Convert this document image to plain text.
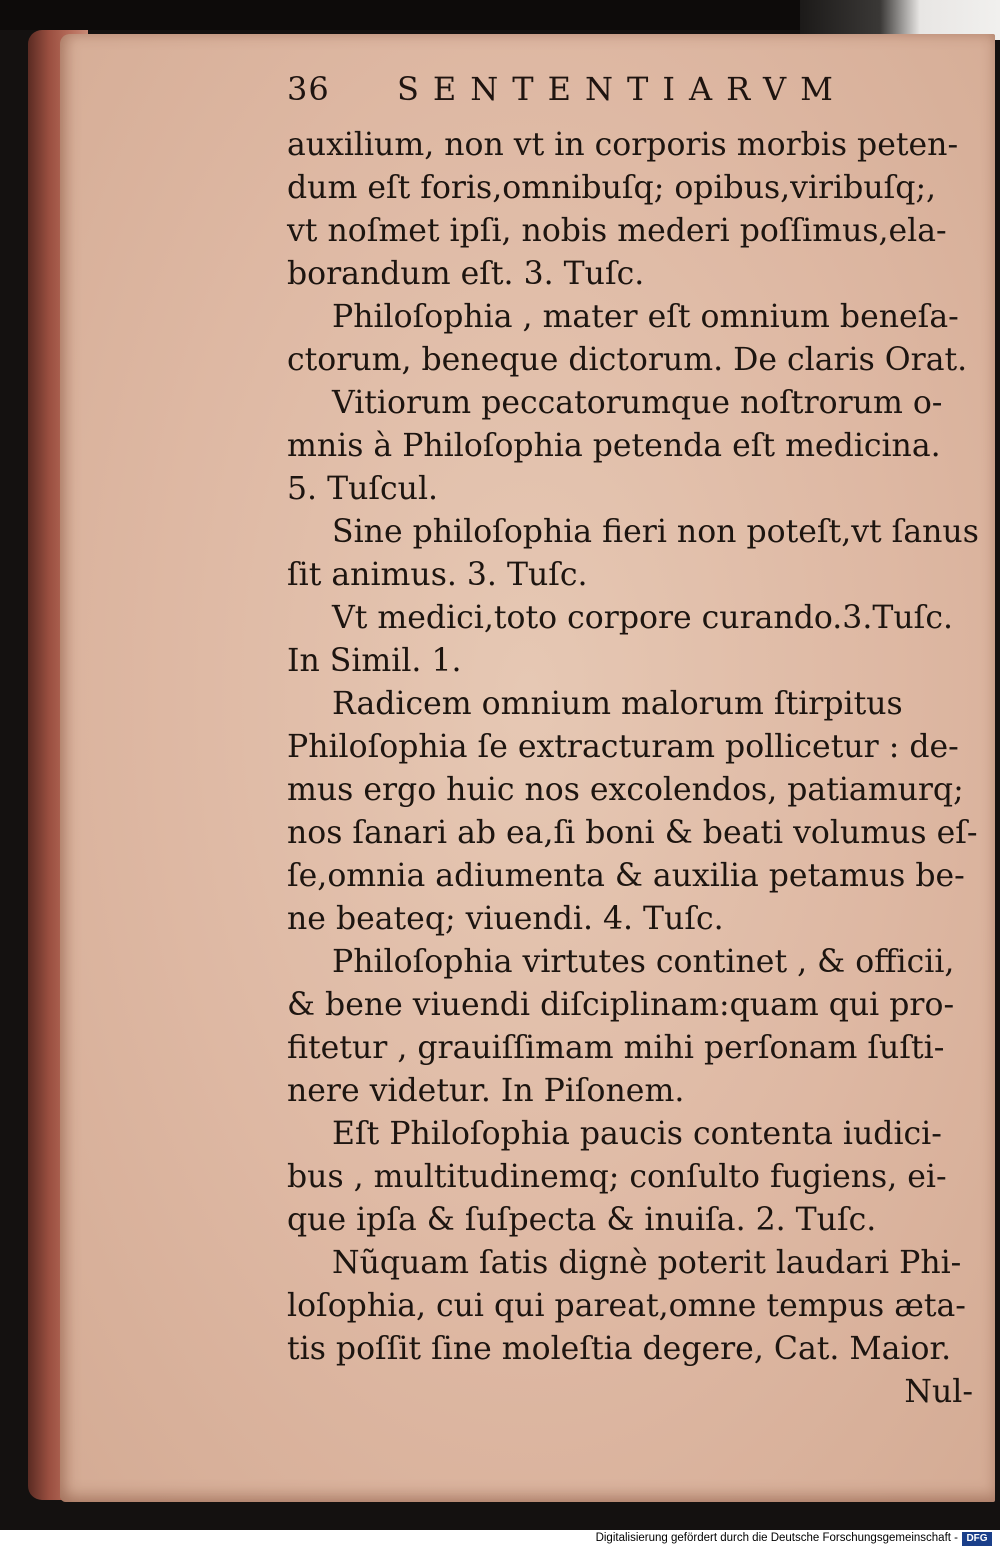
36 SENTENTIARVM
auxilium, non vt in corporis morbis peten-
dum eſt foris,omnibuſq; opibus,viribuſq;,
vt noſmet ipſi, nobis mederi poſſimus,ela-
borandum eſt. 3. Tuſc.
Philoſophia , mater eſt omnium beneſa-
ctorum, beneque dictorum. De claris Orat.
Vitiorum peccatorumque noſtrorum o-
mnis à Philoſophia petenda eſt medicina.
5. Tuſcul.
Sine philoſophia fieri non poteſt,vt ſanus
ſit animus. 3. Tuſc.
Vt medici,toto corpore curando.3.Tuſc.
In Simil. 1.
Radicem omnium malorum ſtirpitus
Philoſophia ſe extracturam pollicetur : de-
mus ergo huic nos excolendos, patiamurq;
nos ſanari ab ea,ſi boni & beati volumus eſ-
ſe,omnia adiumenta & auxilia petamus be-
ne beateq; viuendi. 4. Tuſc.
Philoſophia virtutes continet , & officii,
& bene viuendi diſciplinam:quam qui pro-
fitetur , grauiſſimam mihi perſonam ſuſti-
nere videtur. In Piſonem.
Eſt Philoſophia paucis contenta iudici-
bus , multitudinemq; conſulto fugiens, ei-
que ipſa & ſuſpecta & inuiſa. 2. Tuſc.
Nũquam ſatis dignè poterit laudari Phi-
loſophia, cui qui pareat,omne tempus æta-
tis poſſit ſine moleſtia degere, Cat. Maior.
Nul-
Digitalisierung gefördert durch die Deutsche Forschungsgemeinschaft - DFG
